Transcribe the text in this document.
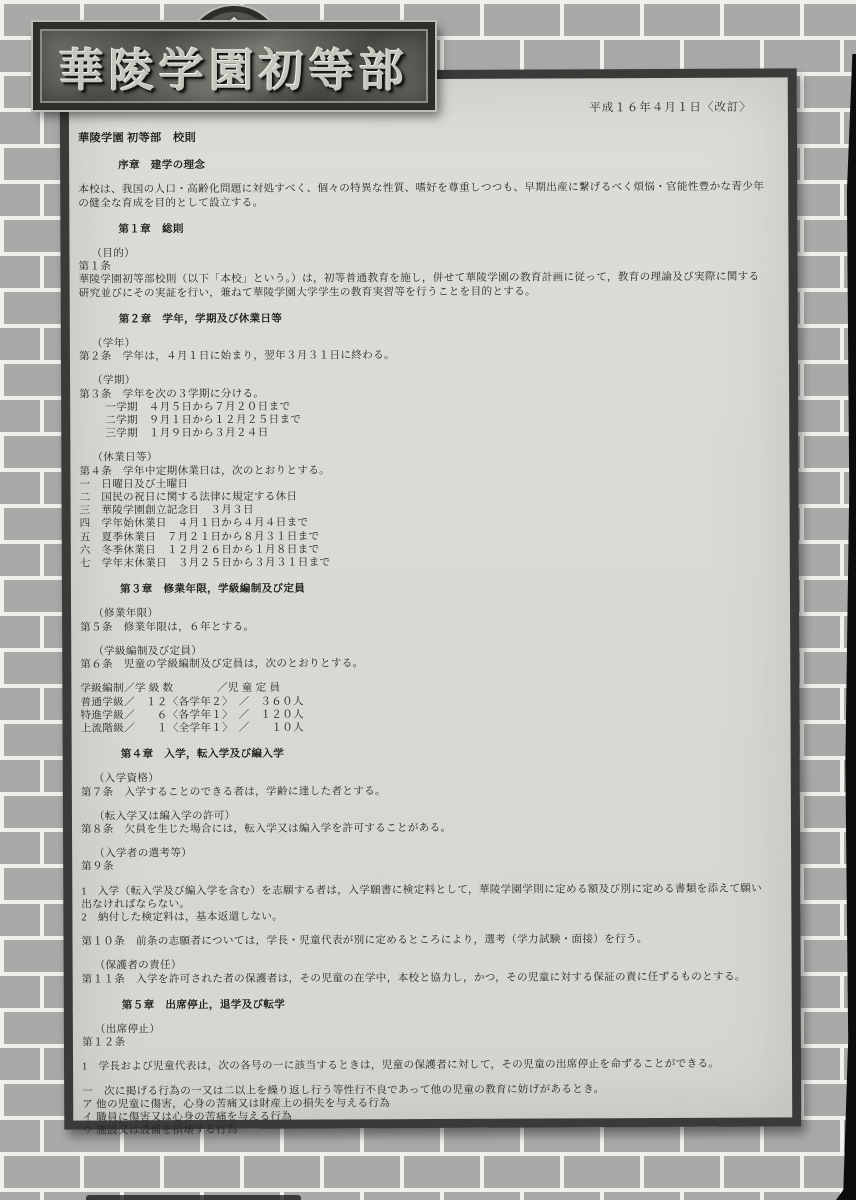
平成１６年４月１日〈改訂〉
華陵学園 初等部　校則
序章　建学の理念
本校は、我国の人口・高齢化問題に対処すべく、個々の特異な性質、嗜好を尊重しつつも、早期出産に繋げるべく煩悩・官能性豊かな青少年の健全な育成を目的として設立する。
第１章　総則
（目的）
第１条
華陵学園初等部校則（以下「本校」という。）は，初等普通教育を施し，併せて華陵学園の教育計画に従って，教育の理論及び実際に関する研究並びにその実証を行い，兼ねて華陵学園大学学生の教育実習等を行うことを目的とする。
第２章　学年，学期及び休業日等
（学年）
第２条　学年は，４月１日に始まり，翌年３月３１日に終わる。
（学期）
第３条　学年を次の３学期に分ける。
一学期　４月５日から７月２０日まで
二学期　９月１日から１２月２５日まで
三学期　１月９日から３月２４日
（休業日等）
第４条　学年中定期休業日は，次のとおりとする。
一　日曜日及び土曜日
二　国民の祝日に関する法律に規定する休日
三　華陵学園創立記念日　３月３日
四　学年始休業日　４月１日から４月４日まで
五　夏季休業日　７月２１日から８月３１日まで
六　冬季休業日　１２月２６日から１月８日まで
七　学年末休業日　３月２５日から３月３１日まで
第３章　修業年限，学級編制及び定員
（修業年限）
第５条　修業年限は，６年とする。
（学級編制及び定員）
第６条　児童の学級編制及び定員は，次のとおりとする。
学級編制／学 級 数　　　　／児 童 定 員
普通学級／　１２〈各学年２〉　／　３６０人
特進学級／　　６〈各学年１〉　／　１２０人
上流階級／　　１〈全学年１〉　／　　１０人
第４章　入学，転入学及び編入学
（入学資格）
第７条　入学することのできる者は，学齢に達した者とする。
（転入学又は編入学の許可）
第８条　欠員を生じた場合には，転入学又は編入学を許可することがある。
（入学者の選考等）
第９条
1　入学（転入学及び編入学を含む）を志願する者は，入学願書に検定料として，華陵学園学則に定める額及び別に定める書類を添えて願い出なければならない。
2　納付した検定料は，基本返還しない。
第１０条　前条の志願者については，学長・児童代表が別に定めるところにより，選考（学力試験・面接）を行う。
（保護者の責任）
第１１条　入学を許可された者の保護者は，その児童の在学中，本校と協力し，かつ，その児童に対する保証の責に任ずるものとする。
第５章　出席停止，退学及び転学
（出席停止）
第１２条
1　学長および児童代表は，次の各号の一に該当するときは，児童の保護者に対して，その児童の出席停止を命ずることができる。
一　次に掲げる行為の一又は二以上を繰り返し行う等性行不良であって他の児童の教育に妨げがあるとき。
ア 他の児童に傷害，心身の苦痛又は財産上の損失を与える行為
イ 職員に傷害又は心身の苦痛を与える行為
ウ 施設又は設備を損壊する行為
華陵学園初等部
